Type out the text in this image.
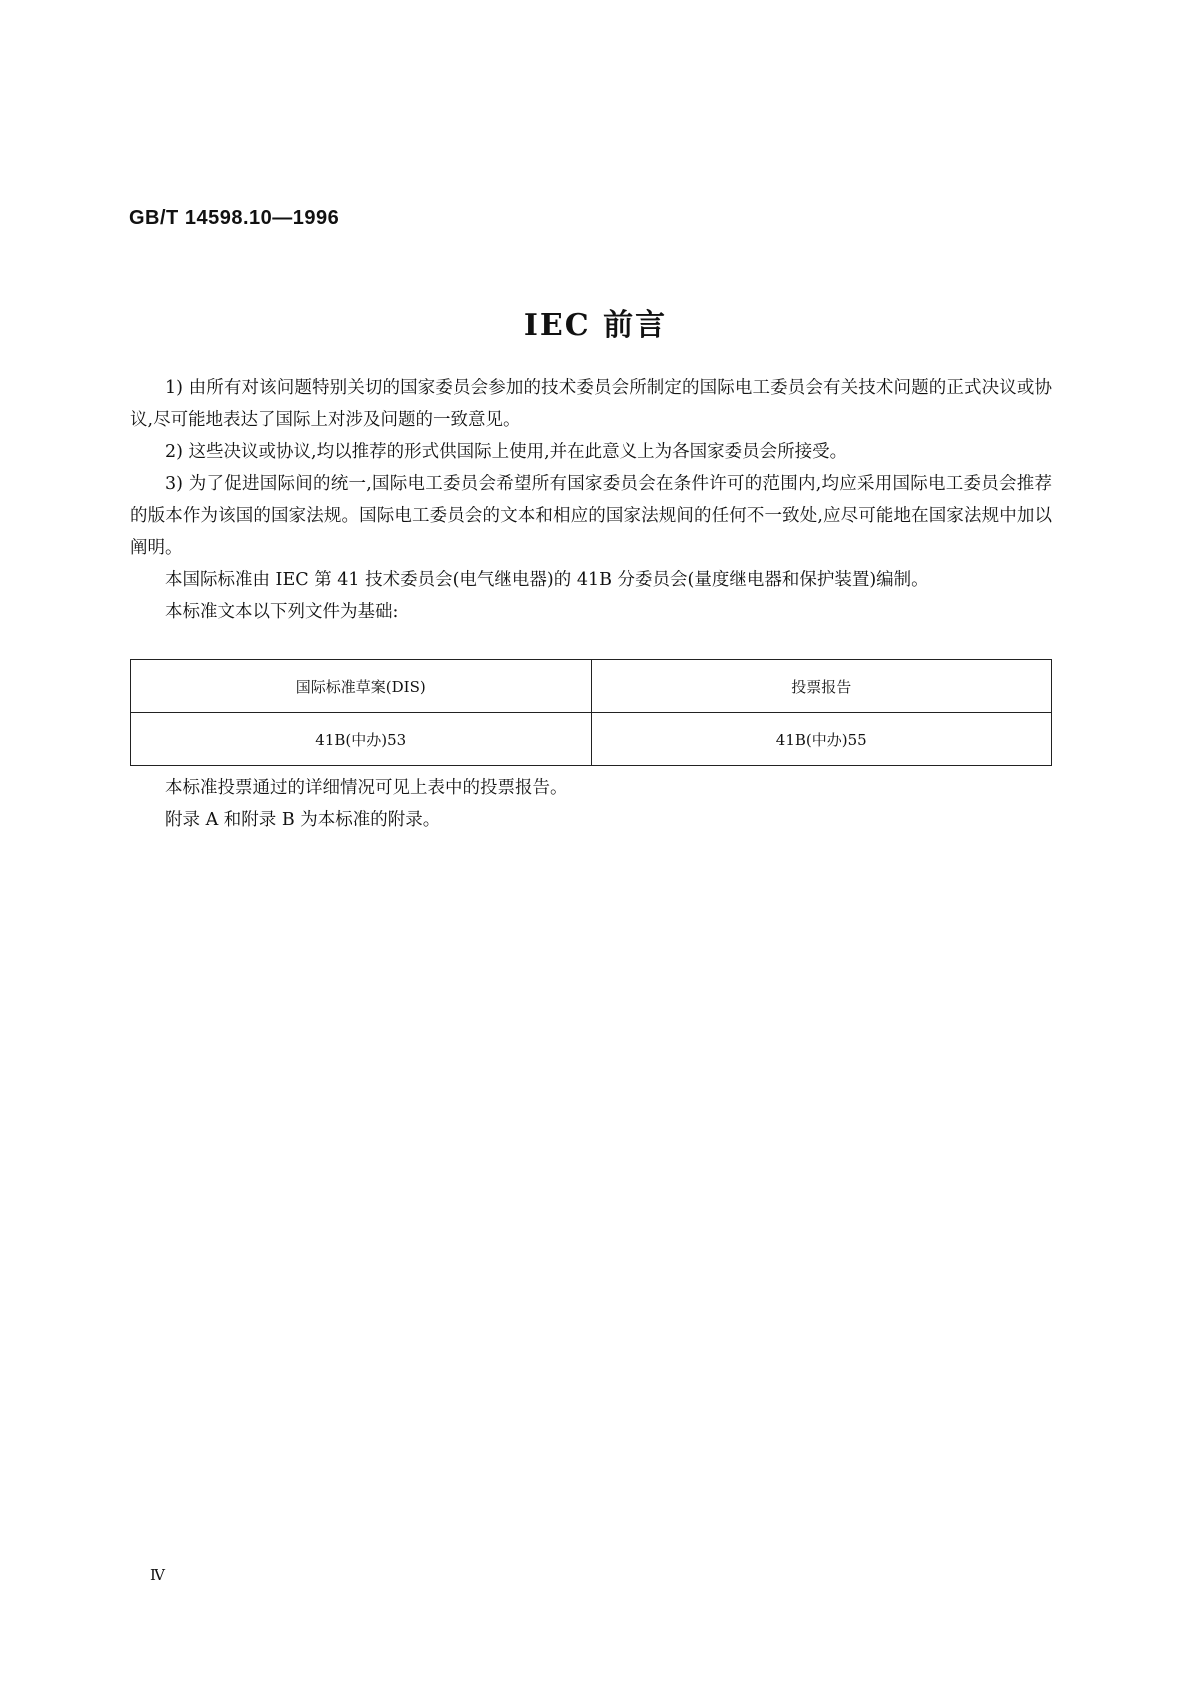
GB/T 14598.10—1996
IEC 前言

1) 由所有对该问题特别关切的国家委员会参加的技术委员会所制定的国际电工委员会有关技术问题的正式决议或协议,尽可能地表达了国际上对涉及问题的一致意见。

2) 这些决议或协议,均以推荐的形式供国际上使用,并在此意义上为各国家委员会所接受。

3) 为了促进国际间的统一,国际电工委员会希望所有国家委员会在条件许可的范围内,均应采用国际电工委员会推荐的版本作为该国的国家法规。国际电工委员会的文本和相应的国家法规间的任何不一致处,应尽可能地在国家法规中加以阐明。

本国际标准由 IEC 第 41 技术委员会(电气继电器)的 41B 分委员会(量度继电器和保护装置)编制。

本标准文本以下列文件为基础:

国际标准草案(DIS)	投票报告
41B(中办)53	41B(中办)55

本标准投票通过的详细情况可见上表中的投票报告。

附录 A 和附录 B 为本标准的附录。

Ⅳ
